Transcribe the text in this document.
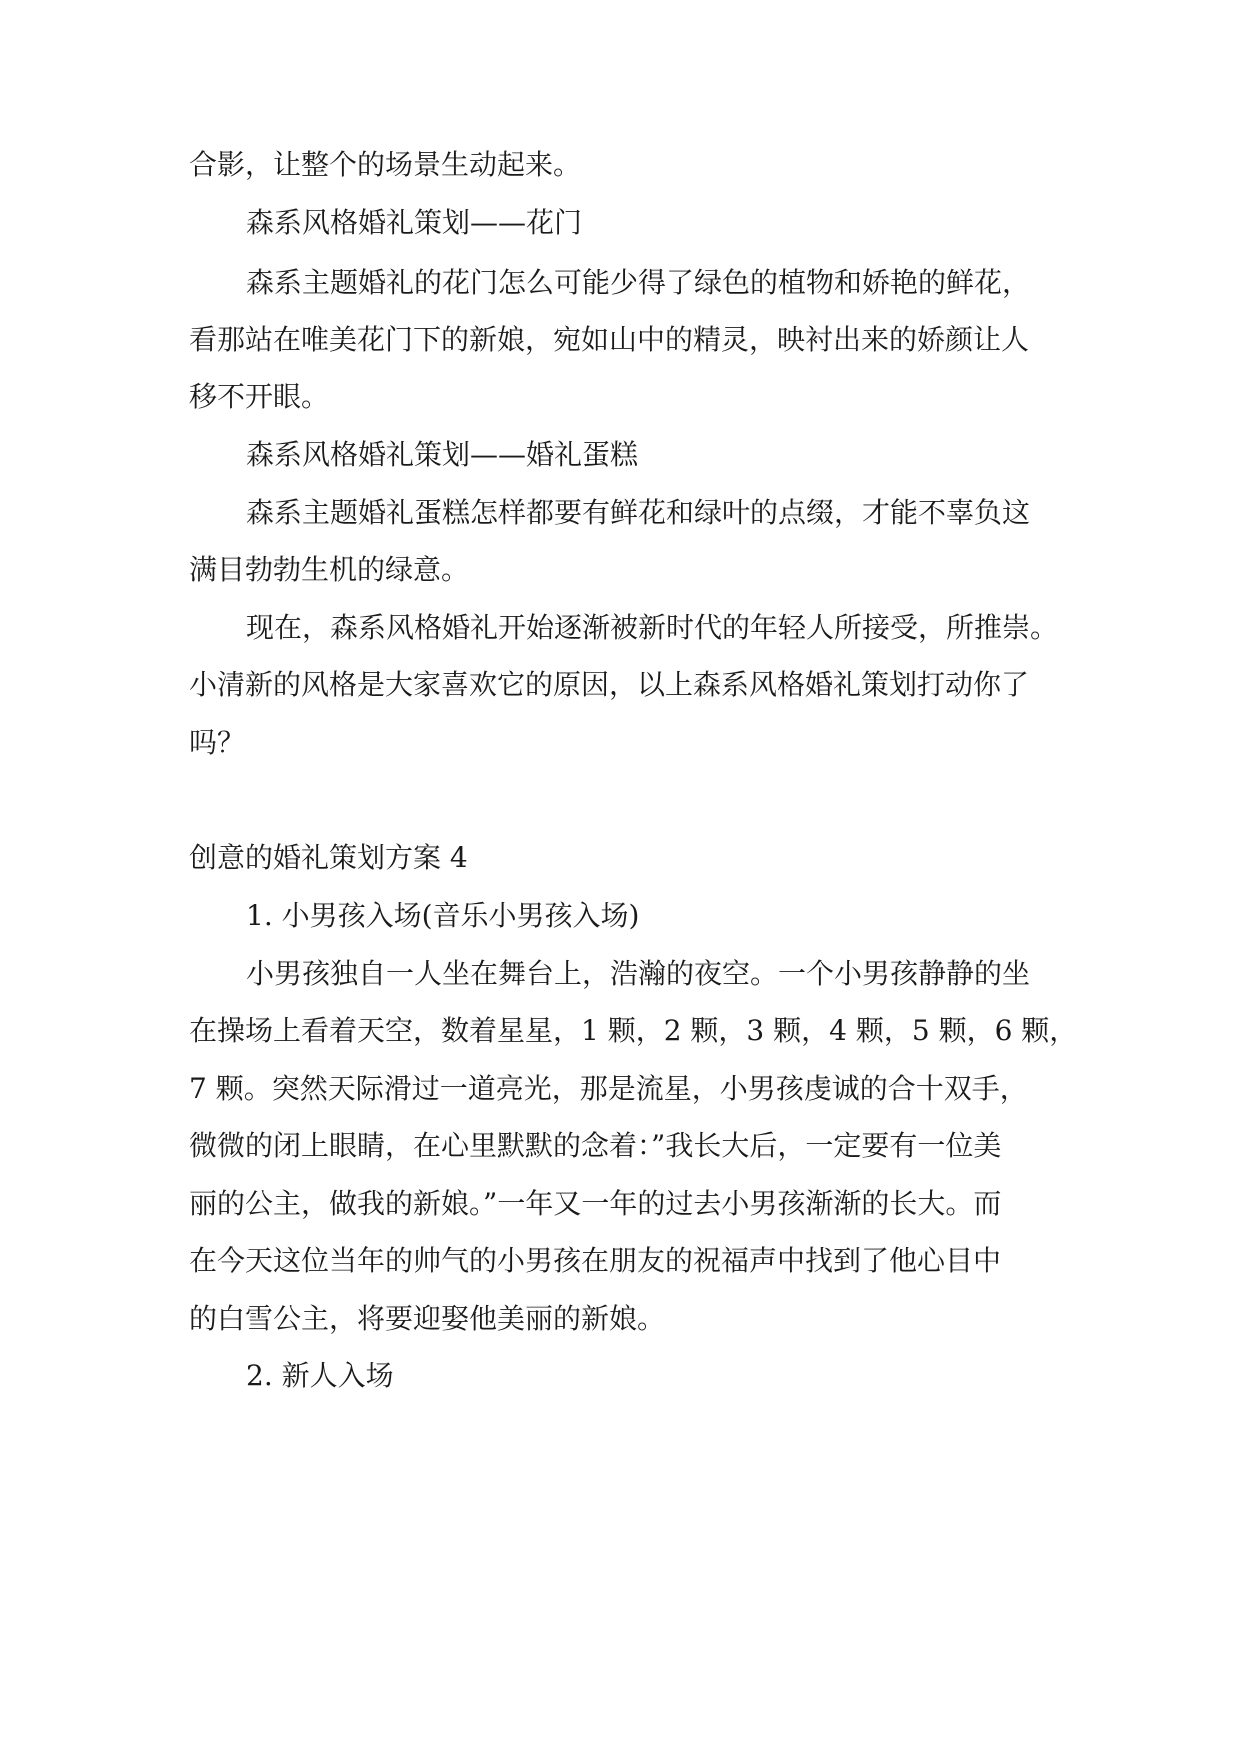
合影，让整个的场景生动起来。
森系风格婚礼策划——花门
森系主题婚礼的花门怎么可能少得了绿色的植物和娇艳的鲜花，
看那站在唯美花门下的新娘，宛如山中的精灵，映衬出来的娇颜让人
移不开眼。
森系风格婚礼策划——婚礼蛋糕
森系主题婚礼蛋糕怎样都要有鲜花和绿叶的点缀，才能不辜负这
满目勃勃生机的绿意。
现在，森系风格婚礼开始逐渐被新时代的年轻人所接受，所推崇。
小清新的风格是大家喜欢它的原因，以上森系风格婚礼策划打动你了
吗？
创意的婚礼策划方案 4
1. 小男孩入场(音乐小男孩入场)
小男孩独自一人坐在舞台上，浩瀚的夜空。一个小男孩静静的坐
在操场上看着天空，数着星星，1 颗，2 颗，3 颗，4 颗，5 颗，6 颗，
7 颗。突然天际滑过一道亮光，那是流星，小男孩虔诚的合十双手，
微微的闭上眼睛，在心里默默的念着：”我长大后，一定要有一位美
丽的公主，做我的新娘。”一年又一年的过去小男孩渐渐的长大。而
在今天这位当年的帅气的小男孩在朋友的祝福声中找到了他心目中
的白雪公主，将要迎娶他美丽的新娘。
2. 新人入场
